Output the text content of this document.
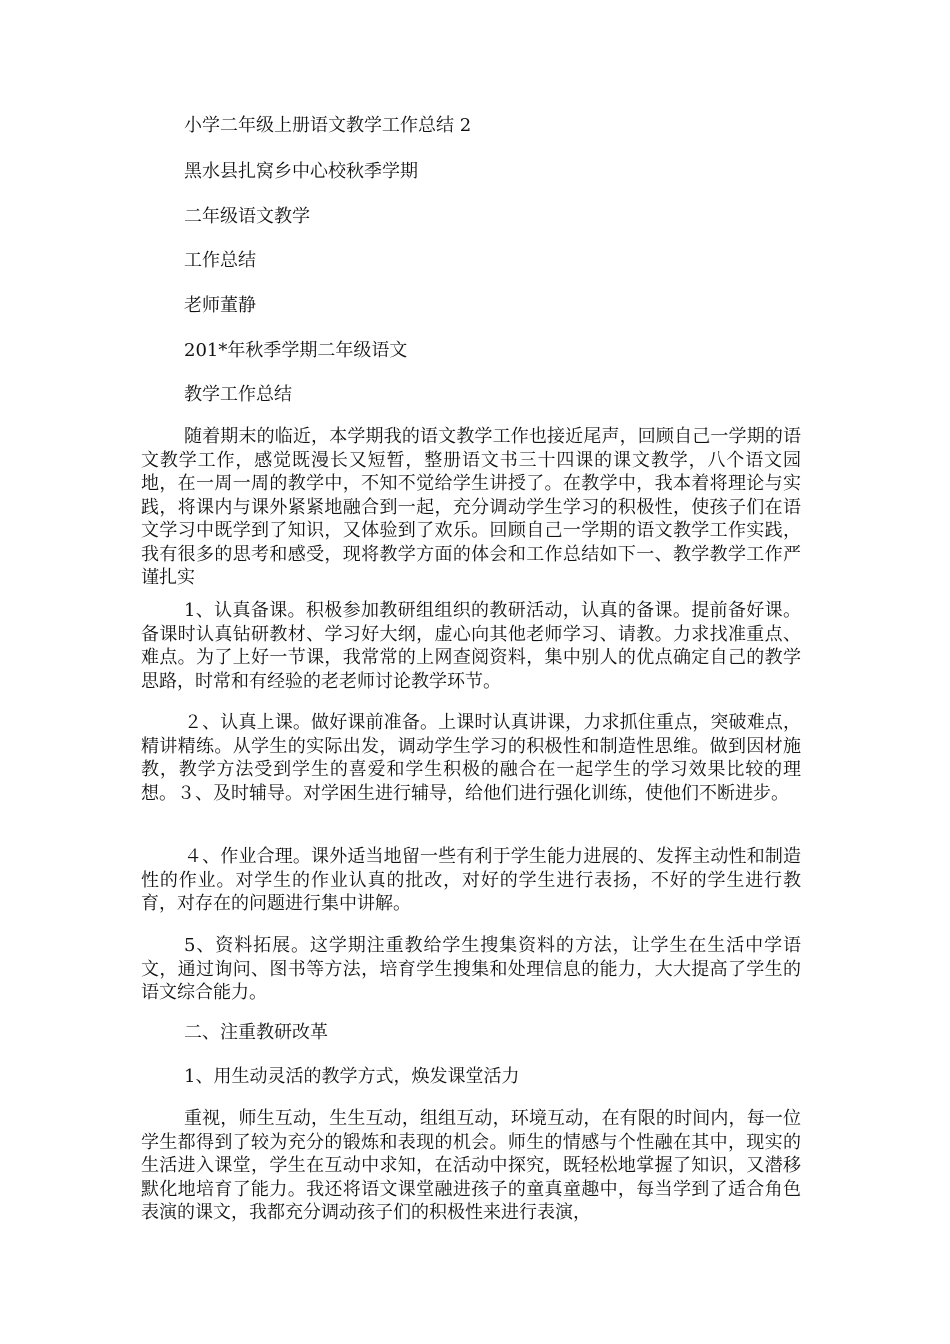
小学二年级上册语文教学工作总结 2
黑水县扎窝乡中心校秋季学期
二年级语文教学
工作总结
老师董静
201*年秋季学期二年级语文
教学工作总结
随着期末的临近，本学期我的语文教学工作也接近尾声，回顾自己一学期的语文教学工作，感觉既漫长又短暂，整册语文书三十四课的课文教学，八个语文园地，在一周一周的教学中，不知不觉给学生讲授了。在教学中，我本着将理论与实践，将课内与课外紧紧地融合到一起，充分调动学生学习的积极性，使孩子们在语文学习中既学到了知识，又体验到了欢乐。回顾自己一学期的语文教学工作实践，我有很多的思考和感受，现将教学方面的体会和工作总结如下一、教学教学工作严谨扎实
1、认真备课。积极参加教研组组织的教研活动，认真的备课。提前备好课。备课时认真钻研教材、学习好大纲，虚心向其他老师学习、请教。力求找准重点、难点。为了上好一节课，我常常的上网查阅资料，集中别人的优点确定自己的教学思路，时常和有经验的老老师讨论教学环节。
２、认真上课。做好课前准备。上课时认真讲课，力求抓住重点，突破难点，精讲精练。从学生的实际出发，调动学生学习的积极性和制造性思维。做到因材施教，教学方法受到学生的喜爱和学生积极的融合在一起学生的学习效果比较的理想。３、及时辅导。对学困生进行辅导，给他们进行强化训练，使他们不断进步。
４、作业合理。课外适当地留一些有利于学生能力进展的、发挥主动性和制造性的作业。对学生的作业认真的批改，对好的学生进行表扬，不好的学生进行教育，对存在的问题进行集中讲解。
5、资料拓展。这学期注重教给学生搜集资料的方法，让学生在生活中学语文，通过询问、图书等方法，培育学生搜集和处理信息的能力，大大提高了学生的语文综合能力。
二、注重教研改革
1、用生动灵活的教学方式，焕发课堂活力
重视，师生互动，生生互动，组组互动，环境互动，在有限的时间内，每一位学生都得到了较为充分的锻炼和表现的机会。师生的情感与个性融在其中，现实的生活进入课堂，学生在互动中求知，在活动中探究，既轻松地掌握了知识，又潜移默化地培育了能力。我还将语文课堂融进孩子的童真童趣中，每当学到了适合角色表演的课文，我都充分调动孩子们的积极性来进行表演，
